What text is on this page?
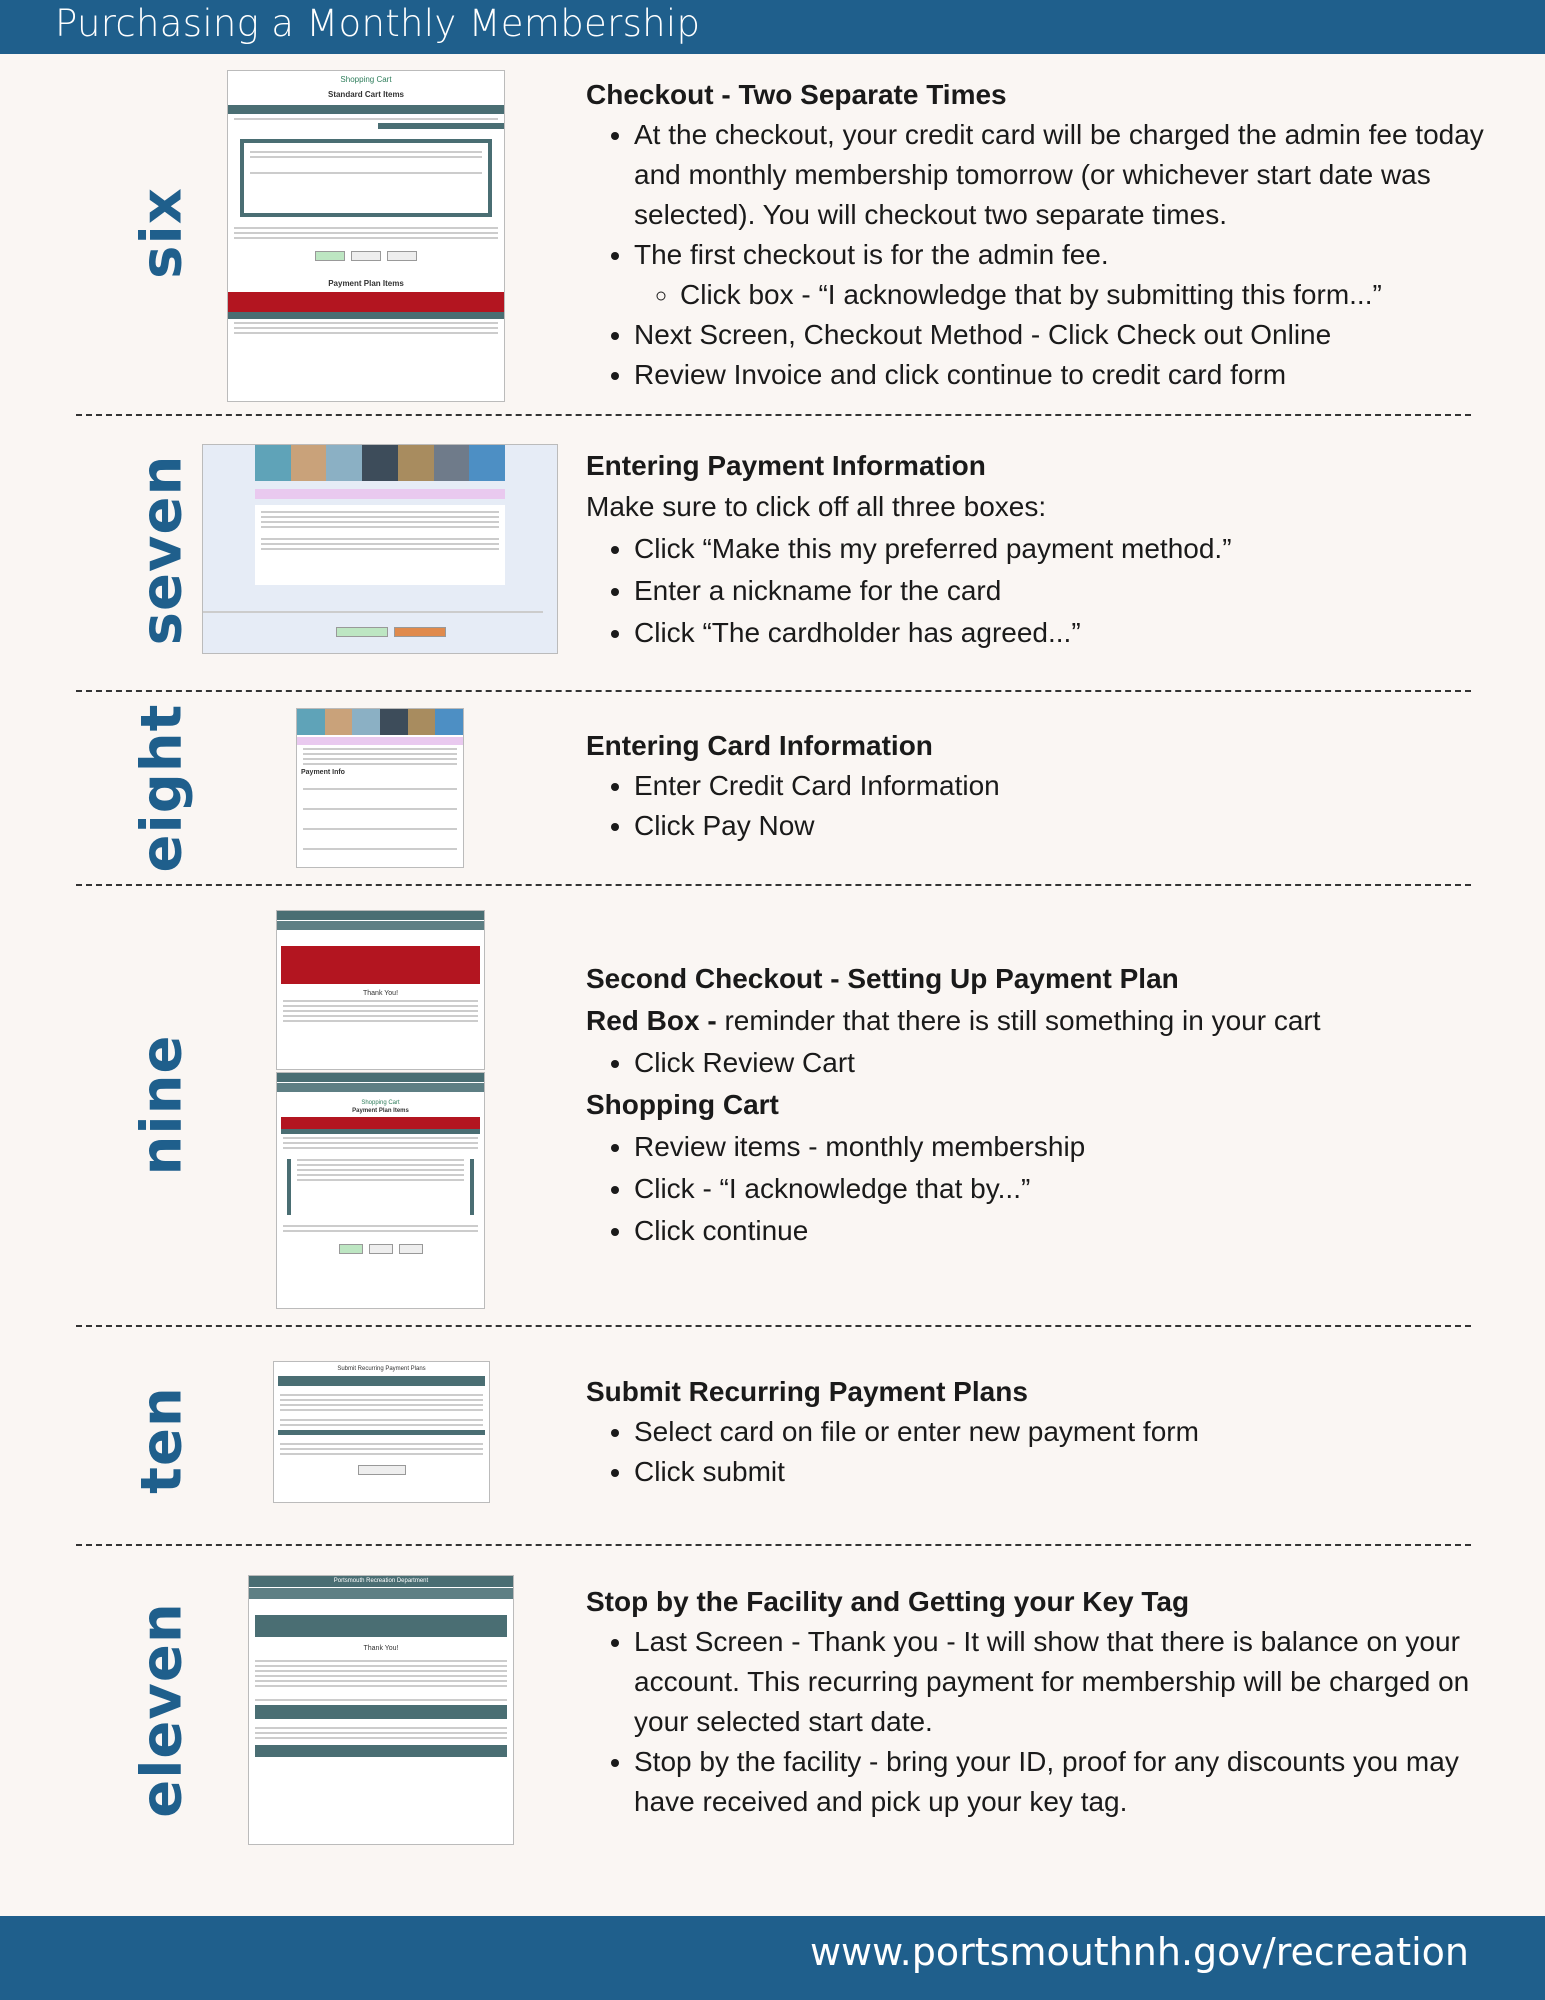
Purchasing a Monthly Membership
six
Shopping Cart
Standard Cart Items
Payment Plan Items
Checkout - Two Separate Times
• At the checkout, your credit card will be charged the admin fee today and monthly membership tomorrow (or whichever start date was selected). You will checkout two separate times.
• The first checkout is for the admin fee.
◦ Click box - “I acknowledge that by submitting this form...”
• Next Screen, Checkout Method - Click Check out Online
• Review Invoice and click continue to credit card form
seven	Entering Payment Information

Make sure to click off all three boxes:

• Click “Make this my preferred payment method.”
• Enter a nickname for the card
• Click “The cardholder has agreed...”
eight	Payment Info
Entering Card Information
• Enter Credit Card Information
• Click Pay Now
nine
Thank You!
Shopping Cart
Payment Plan Items
Second Checkout - Setting Up Payment Plan

Red Box - reminder that there is still something in your cart

• Click Review Cart
Shopping Cart
• Review items - monthly membership
• Click - “I acknowledge that by...”
• Click continue
ten
Submit Recurring Payment Plans
Submit Recurring Payment Plans
• Select card on file or enter new payment form
• Click submit
eleven
Portsmouth Recreation Department
Thank You!
Stop by the Facility and Getting your Key Tag
• Last Screen - Thank you - It will show that there is balance on your account. This recurring payment for membership will be charged on your selected start date.
• Stop by the facility - bring your ID, proof for any discounts you may have received and pick up your key tag.
www.portsmouthnh.gov/recreation
